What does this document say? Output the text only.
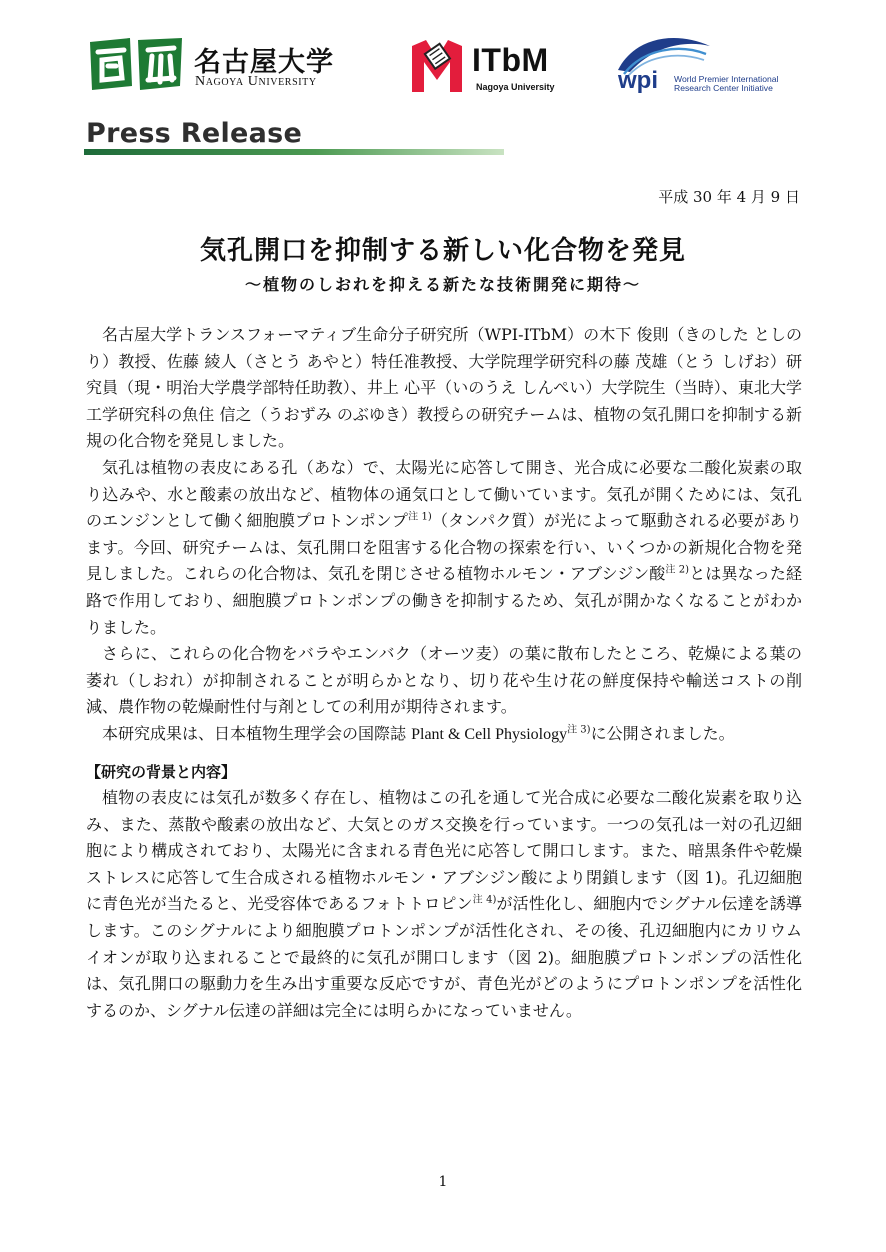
名古屋大学
Nagoya University
ITbM
Nagoya University	wpi World Premier International
Research Center Initiative
Press Release
平成 30 年 4 月 9 日
気孔開口を抑制する新しい化合物を発見
～植物のしおれを抑える新たな技術開発に期待～

名古屋大学トランスフォーマティブ生命分子研究所（WPI-ITbM）の木下 俊則（きのした としのり）教授、佐藤 綾人（さとう あやと）特任准教授、大学院理学研究科の藤 茂雄（とう しげお）研究員（現・明治大学農学部特任助教）、井上 心平（いのうえ しんぺい）大学院生（当時）、東北大学工学研究科の魚住 信之（うおずみ のぶゆき）教授らの研究チームは、植物の気孔開口を抑制する新規の化合物を発見しました。

気孔は植物の表皮にある孔（あな）で、太陽光に応答して開き、光合成に必要な二酸化炭素の取り込みや、水と酸素の放出など、植物体の通気口として働いています。気孔が開くためには、気孔のエンジンとして働く細胞膜プロトンポンプ$^{注 1)}$（タンパク質）が光によって駆動される必要があります。今回、研究チームは、気孔開口を阻害する化合物の探索を行い、いくつかの新規化合物を発見しました。これらの化合物は、気孔を閉じさせる植物ホルモン・アブシジン酸$^{注 2)}$とは異なった経路で作用しており、細胞膜プロトンポンプの働きを抑制するため、気孔が開かなくなることがわかりました。

さらに、これらの化合物をバラやエンバク（オーツ麦）の葉に散布したところ、乾燥による葉の萎れ（しおれ）が抑制されることが明らかとなり、切り花や生け花の鮮度保持や輸送コストの削減、農作物の乾燥耐性付与剤としての利用が期待されます。

本研究成果は、日本植物生理学会の国際誌 Plant & Cell Physiology$^{注 3)}$に公開されました。

【研究の背景と内容】

植物の表皮には気孔が数多く存在し、植物はこの孔を通して光合成に必要な二酸化炭素を取り込み、また、蒸散や酸素の放出など、大気とのガス交換を行っています。一つの気孔は一対の孔辺細胞により構成されており、太陽光に含まれる青色光に応答して開口します。また、暗黒条件や乾燥ストレスに応答して生合成される植物ホルモン・アブシジン酸により閉鎖します（図 1)。孔辺細胞に青色光が当たると、光受容体であるフォトトロピン$^{注 4)}$が活性化し、細胞内でシグナル伝達を誘導します。このシグナルにより細胞膜プロトンポンプが活性化され、その後、孔辺細胞内にカリウムイオンが取り込まれることで最終的に気孔が開口します（図 2)。細胞膜プロトンポンプの活性化は、気孔開口の駆動力を生み出す重要な反応ですが、青色光がどのようにプロトンポンプを活性化するのか、シグナル伝達の詳細は完全には明らかになっていません。

1
